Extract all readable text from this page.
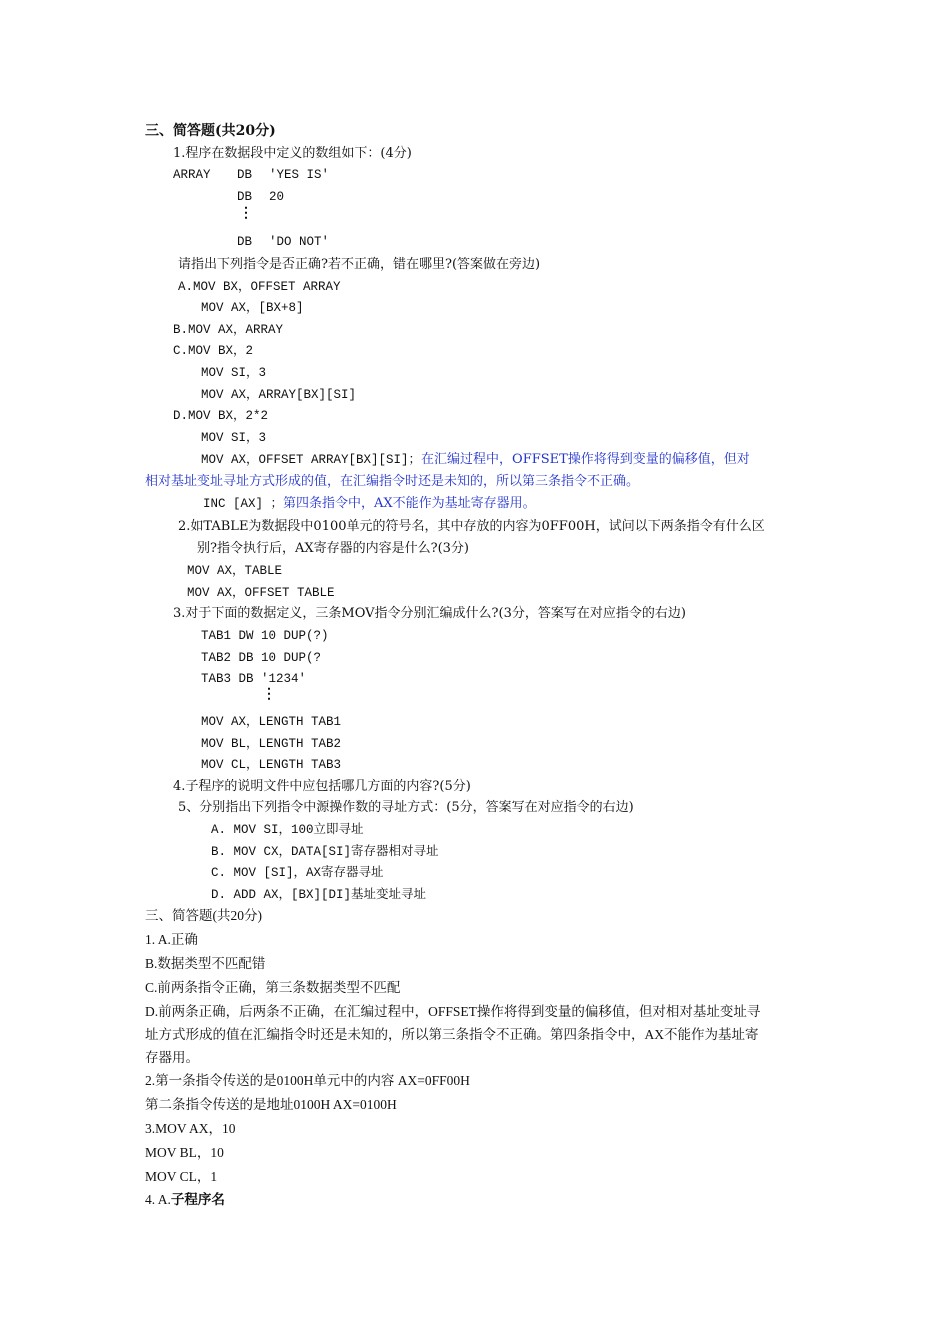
三、简答题(共20分)
1.程序在数据段中定义的数组如下：(4分)
ARRAY DB 'YES IS'
DB 20
⋮
DB 'DO NOT'
请指出下列指令是否正确?若不正确，错在哪里?(答案做在旁边)
A.MOV BX，OFFSET ARRAY
MOV AX，[BX+8]
B.MOV AX，ARRAY
C.MOV BX，2
MOV SI，3
MOV AX，ARRAY[BX][SI]
D.MOV BX，2*2
MOV SI，3
MOV AX，OFFSET ARRAY[BX][SI]；在汇编过程中，OFFSET操作将得到变量的偏移值，但对
相对基址变址寻址方式形成的值，在汇编指令时还是未知的，所以第三条指令不正确。
INC [AX] ；第四条指令中，AX不能作为基址寄存器用。
2.如TABLE为数据段中0100单元的符号名，其中存放的内容为0FF00H，试问以下两条指令有什么区
别?指令执行后，AX寄存器的内容是什么?(3分)
MOV AX，TABLE
MOV AX，OFFSET TABLE
3.对于下面的数据定义，三条MOV指令分别汇编成什么?(3分，答案写在对应指令的右边)
TAB1 DW 10 DUP(?)
TAB2 DB 10 DUP(?
TAB3 DB '1234'
⋮
MOV AX，LENGTH TAB1
MOV BL，LENGTH TAB2
MOV CL，LENGTH TAB3
4.子程序的说明文件中应包括哪几方面的内容?(5分)
5、分别指出下列指令中源操作数的寻址方式：(5分，答案写在对应指令的右边)
A. MOV SI，100立即寻址
B. MOV CX，DATA[SI]寄存器相对寻址
C. MOV [SI]，AX寄存器寻址
D. ADD AX，[BX][DI]基址变址寻址
三、简答题(共20分)
1. A.正确
B.数据类型不匹配错
C.前两条指令正确，第三条数据类型不匹配
D.前两条正确，后两条不正确，在汇编过程中，OFFSET操作将得到变量的偏移值，但对相对基址变址寻
址方式形成的值在汇编指令时还是未知的，所以第三条指令不正确。第四条指令中，AX不能作为基址寄
存器用。
2.第一条指令传送的是0100H单元中的内容 AX=0FF00H
第二条指令传送的是地址0100H AX=0100H
3.MOV AX，10
MOV BL，10
MOV CL，1
4. A.子程序名
